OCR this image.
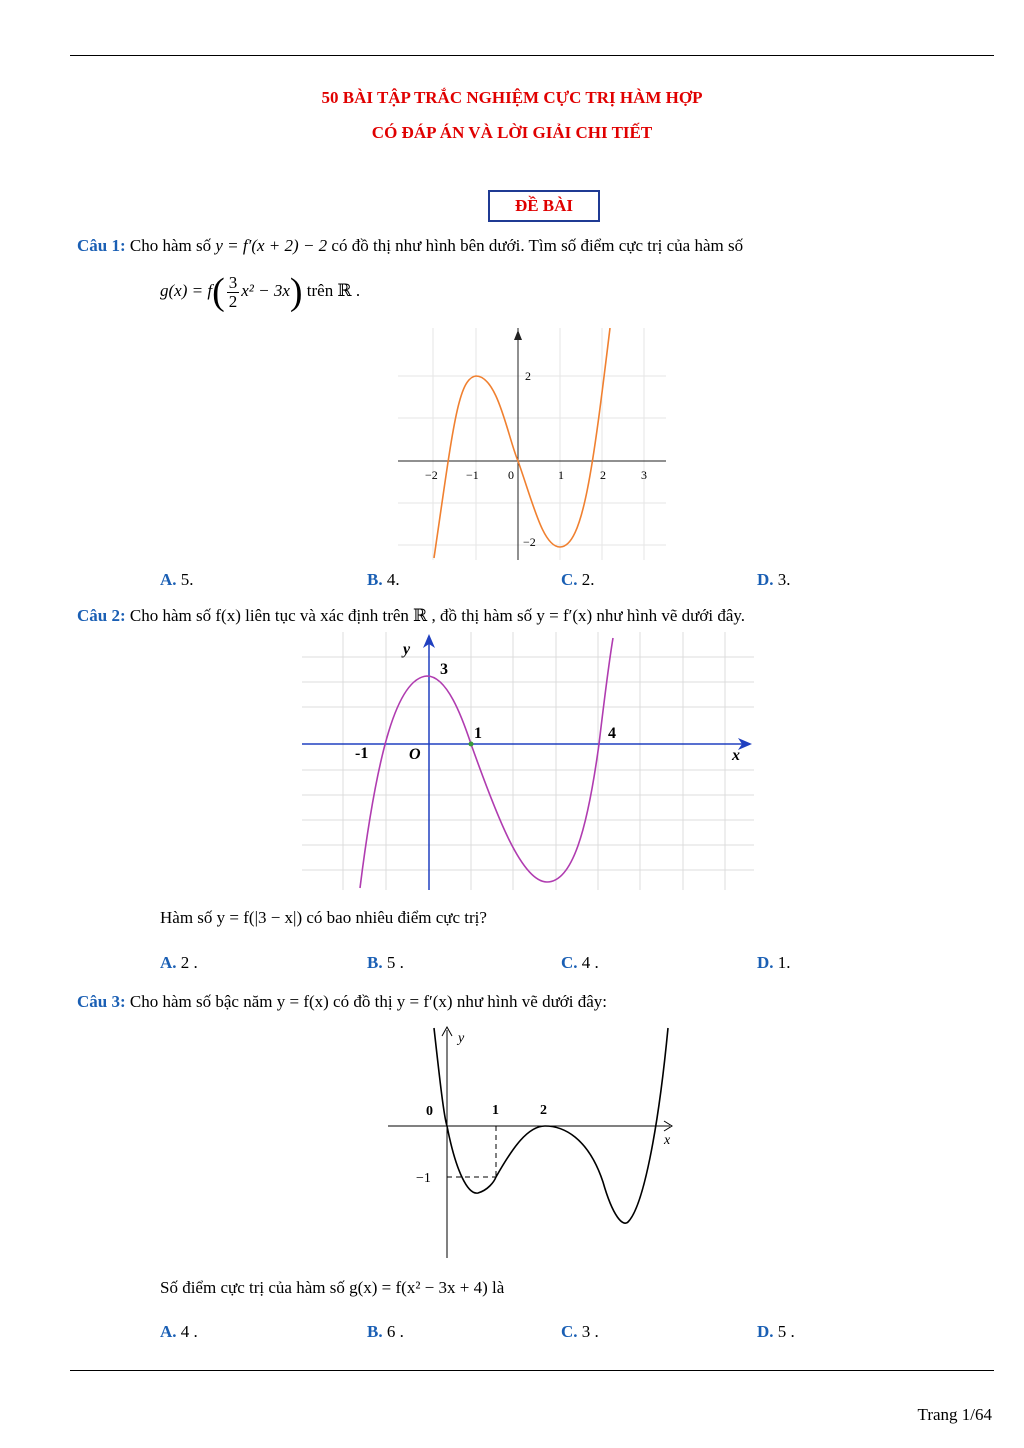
50 BÀI TẬP TRẮC NGHIỆM CỰC TRỊ HÀM HỢP
CÓ ĐÁP ÁN VÀ LỜI GIẢI CHI TIẾT
ĐỀ BÀI
Câu 1: Cho hàm số y = f′(x + 2) − 2 có đồ thị như hình bên dưới. Tìm số điểm cực trị của hàm số
$g(x) = f( \frac{3}{2} x^2 - 3x)$ trên ℝ .
−2 −1 0	1	2	3
2
−2
A. 5.	B. 4.	C. 2.	D. 3.
Câu 2: Cho hàm số f(x) liên tục và xác định trên ℝ , đồ thị hàm số y = f′(x) như hình vẽ dưới đây.
y
x
3
1	4
-1	O
Hàm số y = f(|3 − x|) có bao nhiêu điểm cực trị?
A. 2 .	B. 5 .	C. 4 .	D. 1.
Câu 3: Cho hàm số bậc năm y = f(x) có đồ thị y = f′(x) như hình vẽ dưới đây:
y
x
0	1	2
−1
Số điểm cực trị của hàm số g(x) = f(x² − 3x + 4) là
A. 4 .	B. 6 .	C. 3 .	D. 5 .
Trang 1/64
